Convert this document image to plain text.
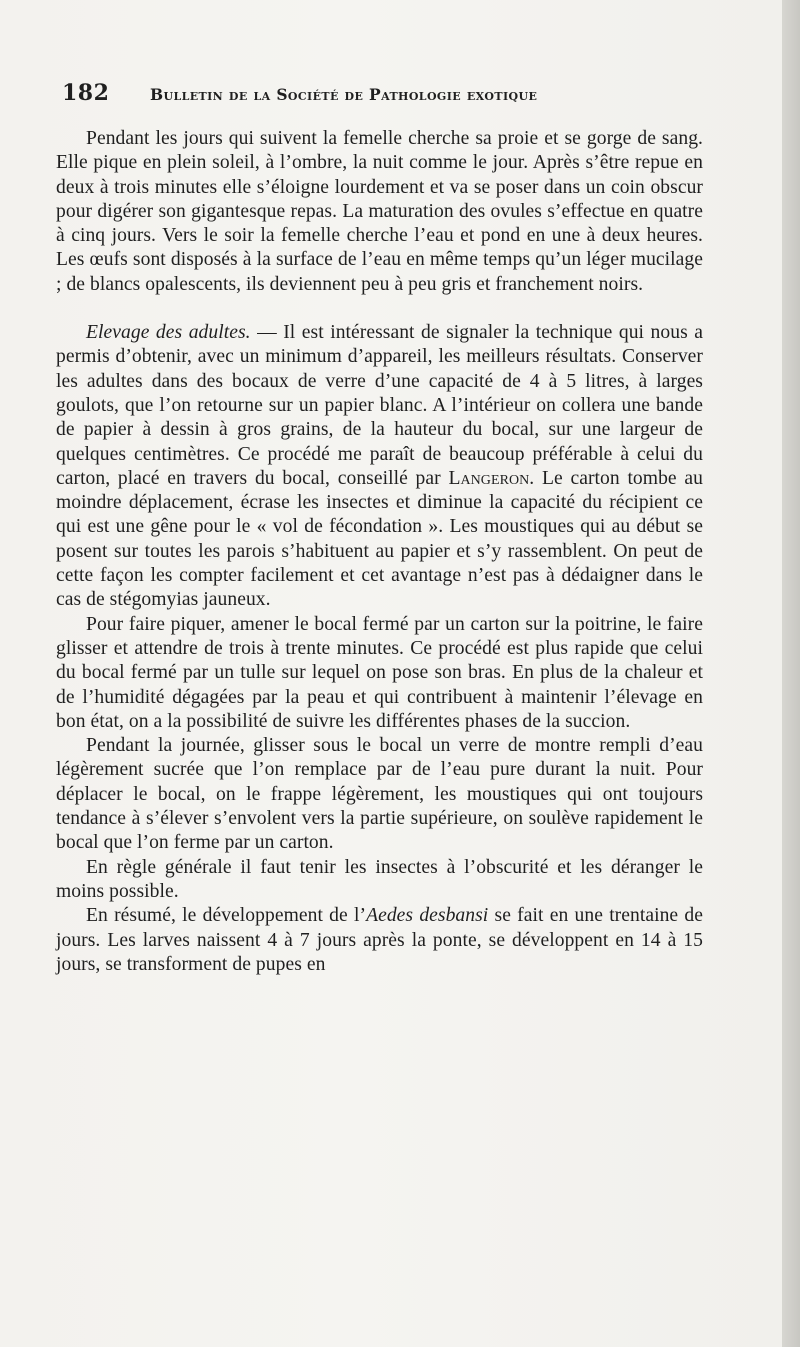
182	Bulletin de la Société de Pathologie exotique

Pendant les jours qui suivent la femelle cherche sa proie et se gorge de sang. Elle pique en plein soleil, à l’ombre, la nuit comme le jour. Après s’être repue en deux à trois minutes elle s’éloigne lourdement et va se poser dans un coin obscur pour digérer son gigantesque repas. La maturation des ovules s’effectue en quatre à cinq jours. Vers le soir la femelle cherche l’eau et pond en une à deux heures. Les œufs sont disposés à la surface de l’eau en même temps qu’un léger mucilage ; de blancs opalescents, ils deviennent peu à peu gris et franchement noirs.

Elevage des adultes. — Il est intéressant de signaler la technique qui nous a permis d’obtenir, avec un minimum d’appareil, les meilleurs résultats. Conserver les adultes dans des bocaux de verre d’une capacité de 4 à 5 litres, à larges goulots, que l’on retourne sur un papier blanc. A l’intérieur on collera une bande de papier à dessin à gros grains, de la hauteur du bocal, sur une largeur de quelques centimètres. Ce procédé me paraît de beaucoup préférable à celui du carton, placé en travers du bocal, conseillé par Langeron. Le carton tombe au moindre déplacement, écrase les insectes et diminue la capacité du récipient ce qui est une gêne pour le « vol de fécondation ». Les moustiques qui au début se posent sur toutes les parois s’habituent au papier et s’y rassemblent. On peut de cette façon les compter facilement et cet avantage n’est pas à dédaigner dans le cas de stégomyias jauneux.

Pour faire piquer, amener le bocal fermé par un carton sur la poitrine, le faire glisser et attendre de trois à trente minutes. Ce procédé est plus rapide que celui du bocal fermé par un tulle sur lequel on pose son bras. En plus de la chaleur et de l’humidité dégagées par la peau et qui contribuent à maintenir l’élevage en bon état, on a la possibilité de suivre les différentes phases de la succion.

Pendant la journée, glisser sous le bocal un verre de montre rempli d’eau légèrement sucrée que l’on remplace par de l’eau pure durant la nuit. Pour déplacer le bocal, on le frappe légèrement, les moustiques qui ont toujours tendance à s’élever s’envolent vers la partie supérieure, on soulève rapidement le bocal que l’on ferme par un carton.

En règle générale il faut tenir les insectes à l’obscurité et les déranger le moins possible.

En résumé, le développement de l’Aedes desbansi se fait en une trentaine de jours. Les larves naissent 4 à 7 jours après la ponte, se développent en 14 à 15 jours, se transforment de pupes en
